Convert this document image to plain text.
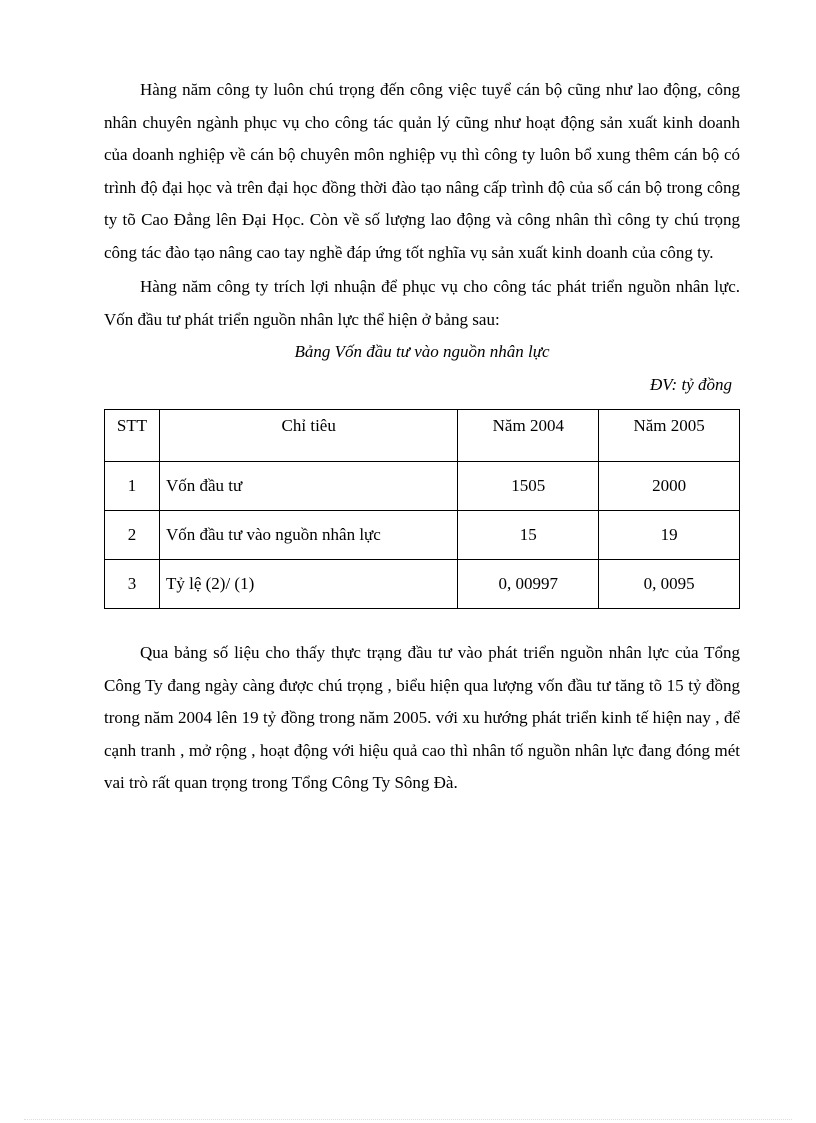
Hàng năm công ty luôn chú trọng đến công việc tuyể cán bộ cũng như lao động, công nhân chuyên ngành phục vụ cho công tác quản lý cũng như hoạt động sản xuất kinh doanh của doanh nghiệp về cán bộ chuyên môn nghiệp vụ thì công ty luôn bổ xung thêm cán bộ có trình độ đại học và trên đại học đồng thời đào tạo nâng cấp trình độ của số cán bộ trong công ty tõ Cao Đẳng lên Đại Học. Còn về số lượng lao động và công nhân thì công ty chú trọng công tác đào tạo nâng cao tay nghề đáp ứng tốt nghĩa vụ sản xuất kinh doanh của công ty.

Hàng năm công ty trích lợi nhuận để phục vụ cho công tác phát triển nguồn nhân lực. Vốn đầu tư phát triển nguồn nhân lực thể hiện ở bảng sau:

Bảng Vốn đầu tư vào nguồn nhân lực

ĐV: tỷ đồng

STT	Chỉ tiêu	Năm 2004	Năm 2005
1	Vốn đầu tư	1505	2000
2	Vốn đầu tư vào nguồn nhân lực	15	19
3	Tỷ lệ (2)/ (1)	0, 00997	0, 0095

Qua bảng số liệu cho thấy thực trạng đầu tư vào phát triển nguồn nhân lực của Tổng Công Ty đang ngày càng được chú trọng , biểu hiện qua lượng vốn đầu tư tăng tõ 15 tỷ đồng trong năm 2004 lên 19 tỷ đồng trong năm 2005. với xu hướng phát triển kinh tế hiện nay , để cạnh tranh , mở rộng , hoạt động với hiệu quả cao thì nhân tố nguồn nhân lực đang đóng mét vai trò rất quan trọng trong Tổng Công Ty Sông Đà.
